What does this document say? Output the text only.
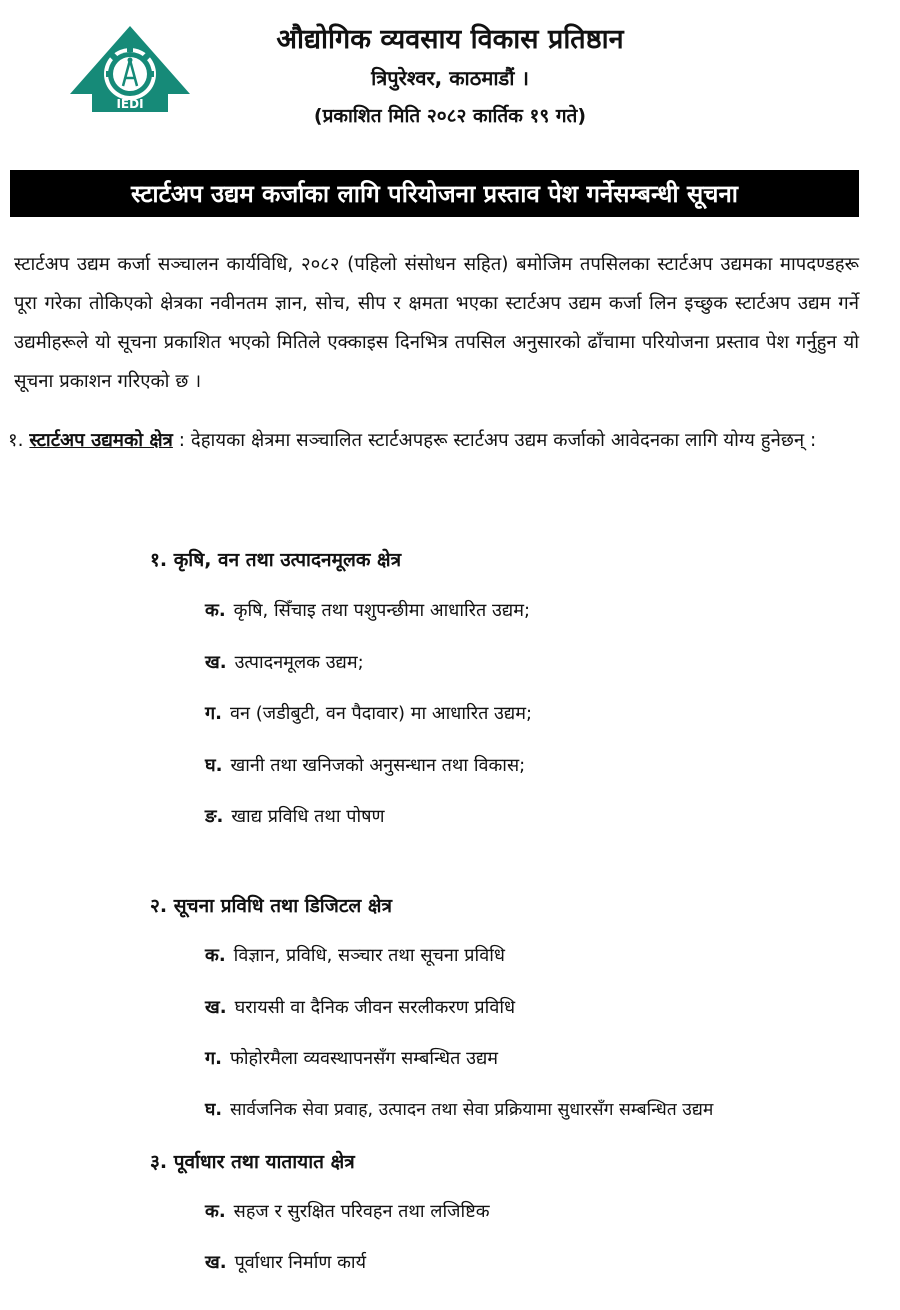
IEDI
औद्योगिक व्यवसाय विकास प्रतिष्ठान
त्रिपुरेश्वर, काठमाडौं ।
(प्रकाशित मिति २०८२ कार्तिक १९ गते)
स्टार्टअप उद्यम कर्जाका लागि परियोजना प्रस्ताव पेश गर्नेसम्बन्धी सूचना
स्टार्टअप उद्यम कर्जा सञ्चालन कार्यविधि, २०८२ (पहिलो संसोधन सहित) बमोजिम तपसिलका स्टार्टअप उद्यमका मापदण्डहरू पूरा गरेका तोकिएको क्षेत्रका नवीनतम ज्ञान, सोच, सीप र क्षमता भएका स्टार्टअप उद्यम कर्जा लिन इच्छुक स्टार्टअप उद्यम गर्ने उद्यमीहरूले यो सूचना प्रकाशित भएको मितिले एक्काइस दिनभित्र तपसिल अनुसारको ढाँचामा परियोजना प्रस्ताव पेश गर्नुहुन यो सूचना प्रकाशन गरिएको छ ।
१. स्टार्टअप उद्यमको क्षेत्र : देहायका क्षेत्रमा सञ्चालित स्टार्टअपहरू स्टार्टअप उद्यम कर्जाको आवेदनका लागि योग्य हुनेछन् :
१. कृषि, वन तथा उत्पादनमूलक क्षेत्र
क. कृषि, सिँचाइ तथा पशुपन्छीमा आधारित उद्यम;
ख. उत्पादनमूलक उद्यम;
ग. वन (जडीबुटी, वन पैदावार) मा आधारित उद्यम;
घ. खानी तथा खनिजको अनुसन्धान तथा विकास;
ङ. खाद्य प्रविधि तथा पोषण
२. सूचना प्रविधि तथा डिजिटल क्षेत्र
क. विज्ञान, प्रविधि, सञ्चार तथा सूचना प्रविधि
ख. घरायसी वा दैनिक जीवन सरलीकरण प्रविधि
ग. फोहोरमैला व्यवस्थापनसँग सम्बन्धित उद्यम
घ. सार्वजनिक सेवा प्रवाह, उत्पादन तथा सेवा प्रक्रियामा सुधारसँग सम्बन्धित उद्यम
३. पूर्वाधार तथा यातायात क्षेत्र
क. सहज र सुरक्षित परिवहन तथा लजिष्टिक
ख. पूर्वाधार निर्माण कार्य
